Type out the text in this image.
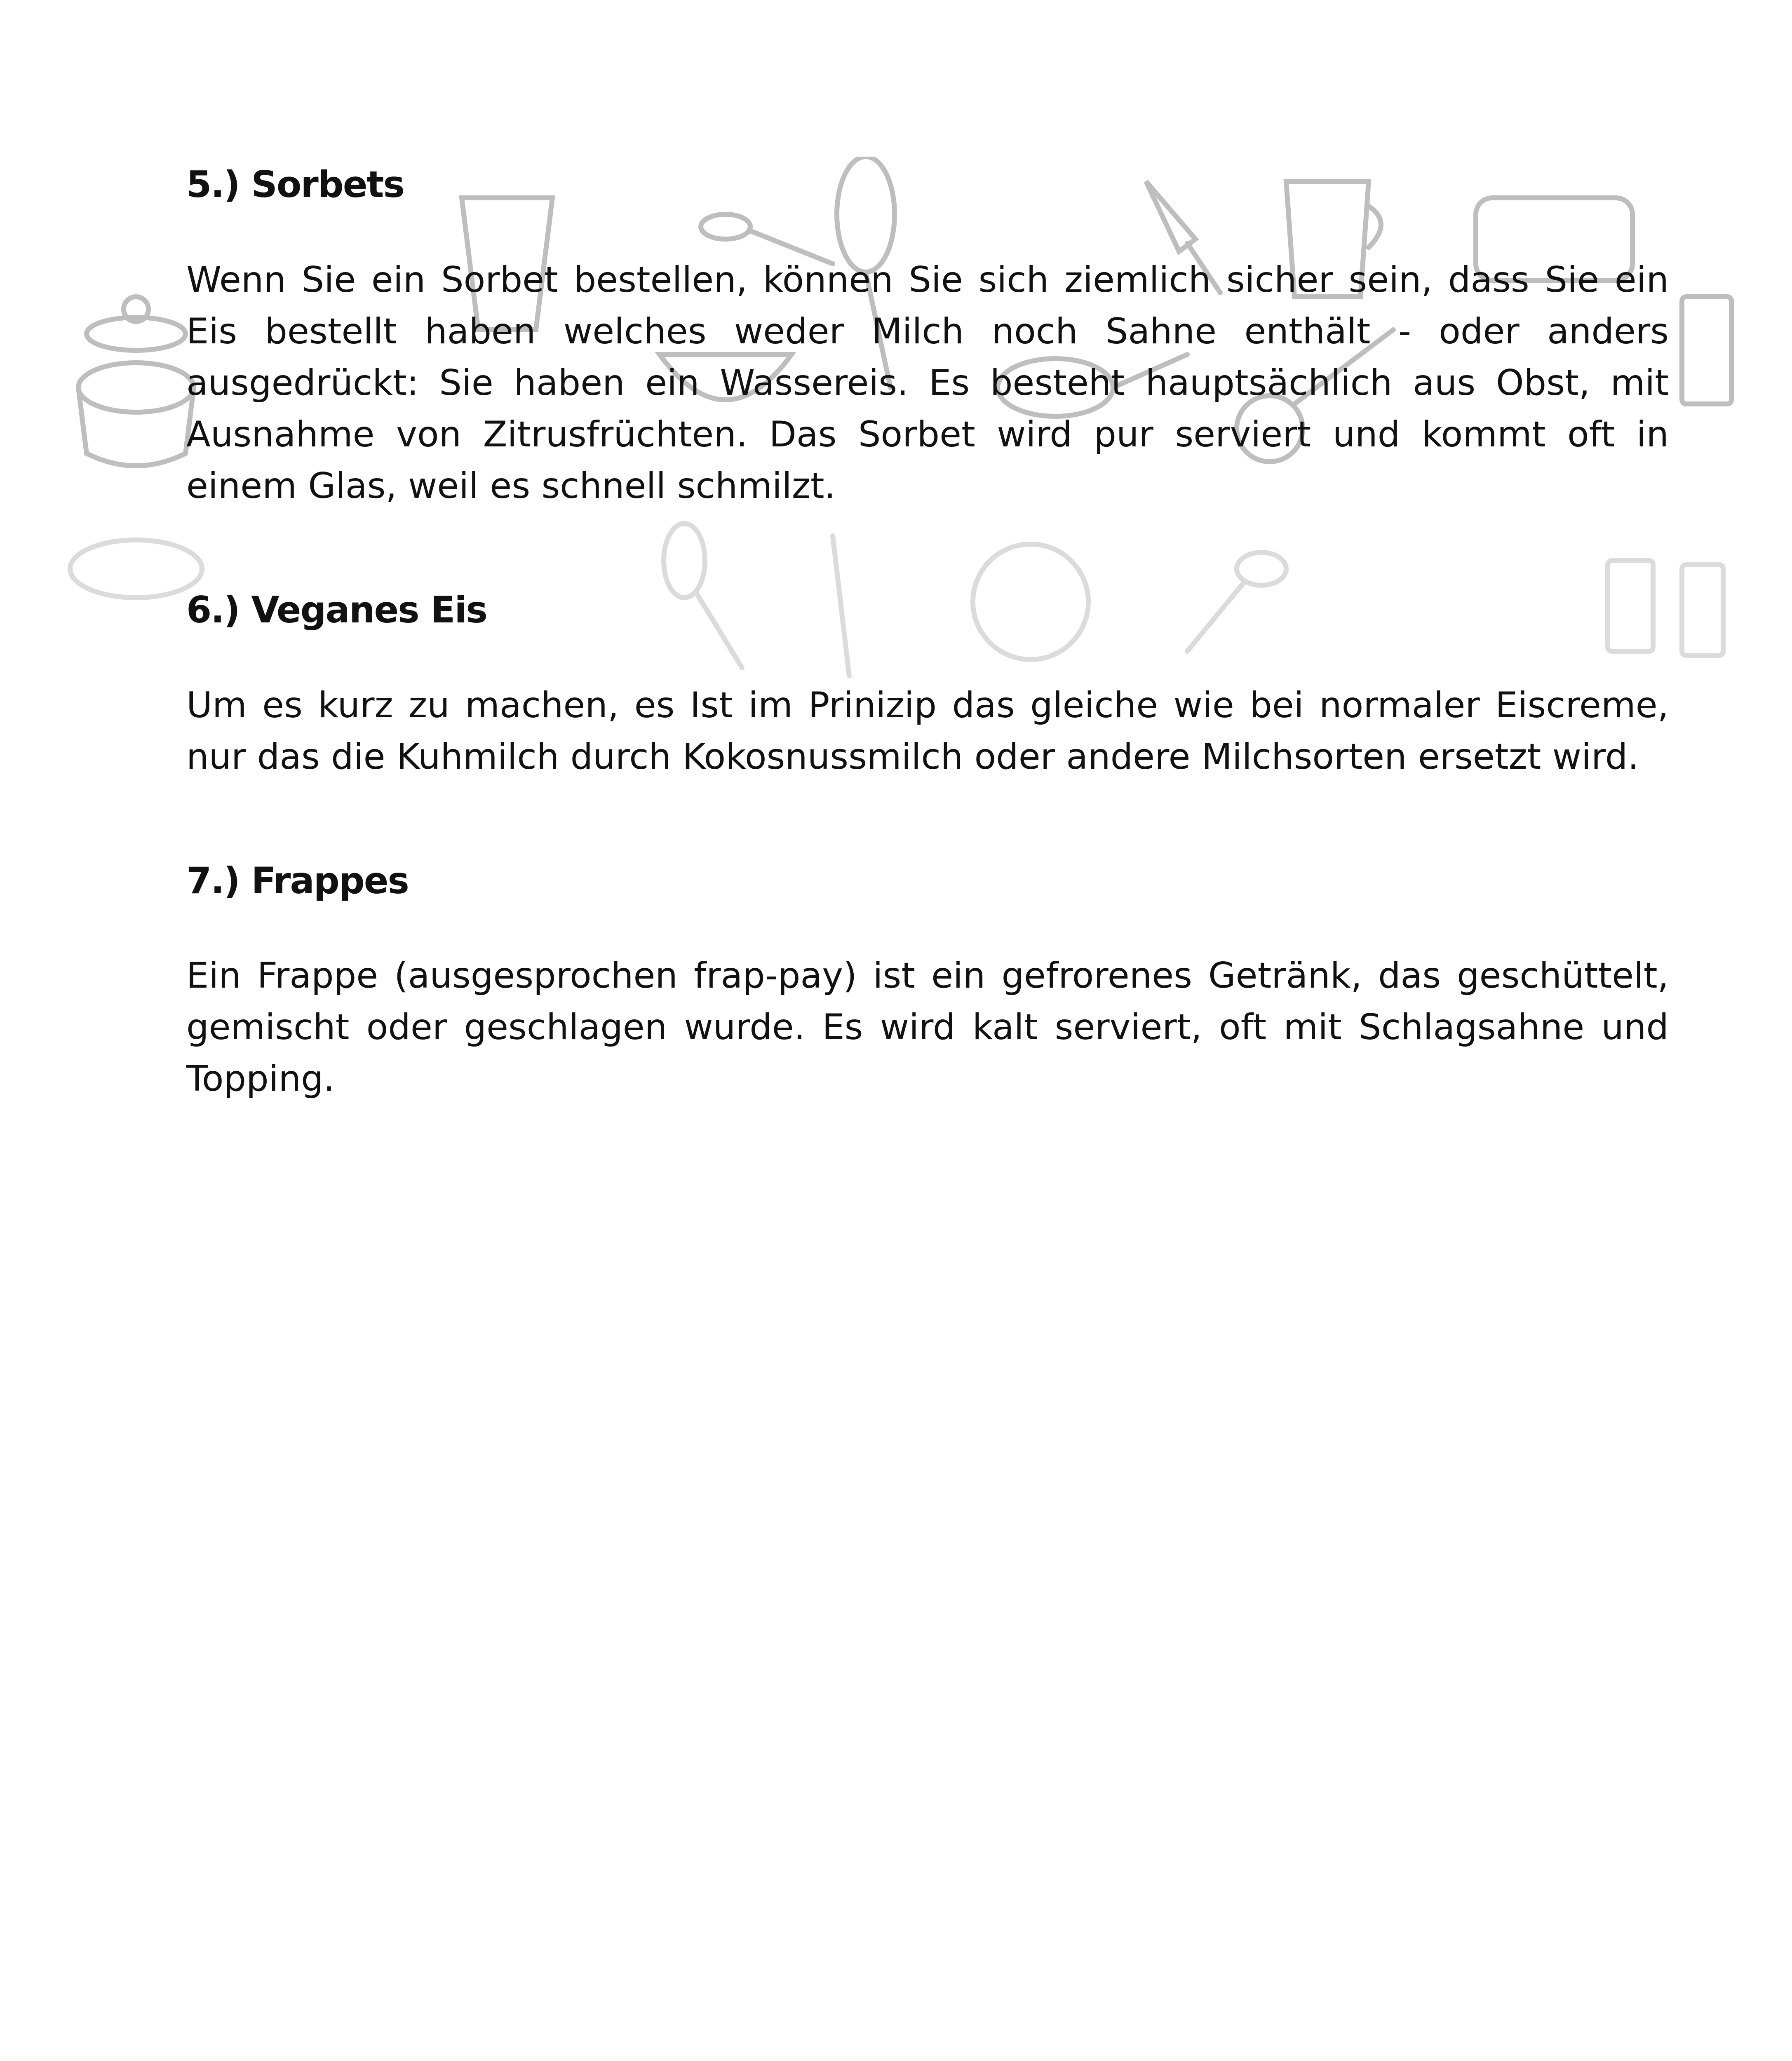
5.) Sorbets

Wenn Sie ein Sorbet bestellen, können Sie sich ziemlich sicher sein, dass Sie ein Eis bestellt haben welches weder Milch noch Sahne enthält - oder anders ausgedrückt: Sie haben ein Wassereis. Es besteht hauptsächlich aus Obst, mit Ausnahme von Zitrusfrüchten. Das Sorbet wird pur serviert und kommt oft in einem Glas, weil es schnell schmilzt.

6.) Veganes Eis

Um es kurz zu machen, es Ist im Prinizip das gleiche wie bei normaler Eiscreme, nur das die Kuhmilch durch Kokosnussmilch oder andere Milchsorten ersetzt wird.

7.) Frappes

Ein Frappe (ausgesprochen frap-pay) ist ein gefrorenes Getränk, das geschüttelt, gemischt oder geschlagen wurde. Es wird kalt serviert, oft mit Schlagsahne und Topping.
